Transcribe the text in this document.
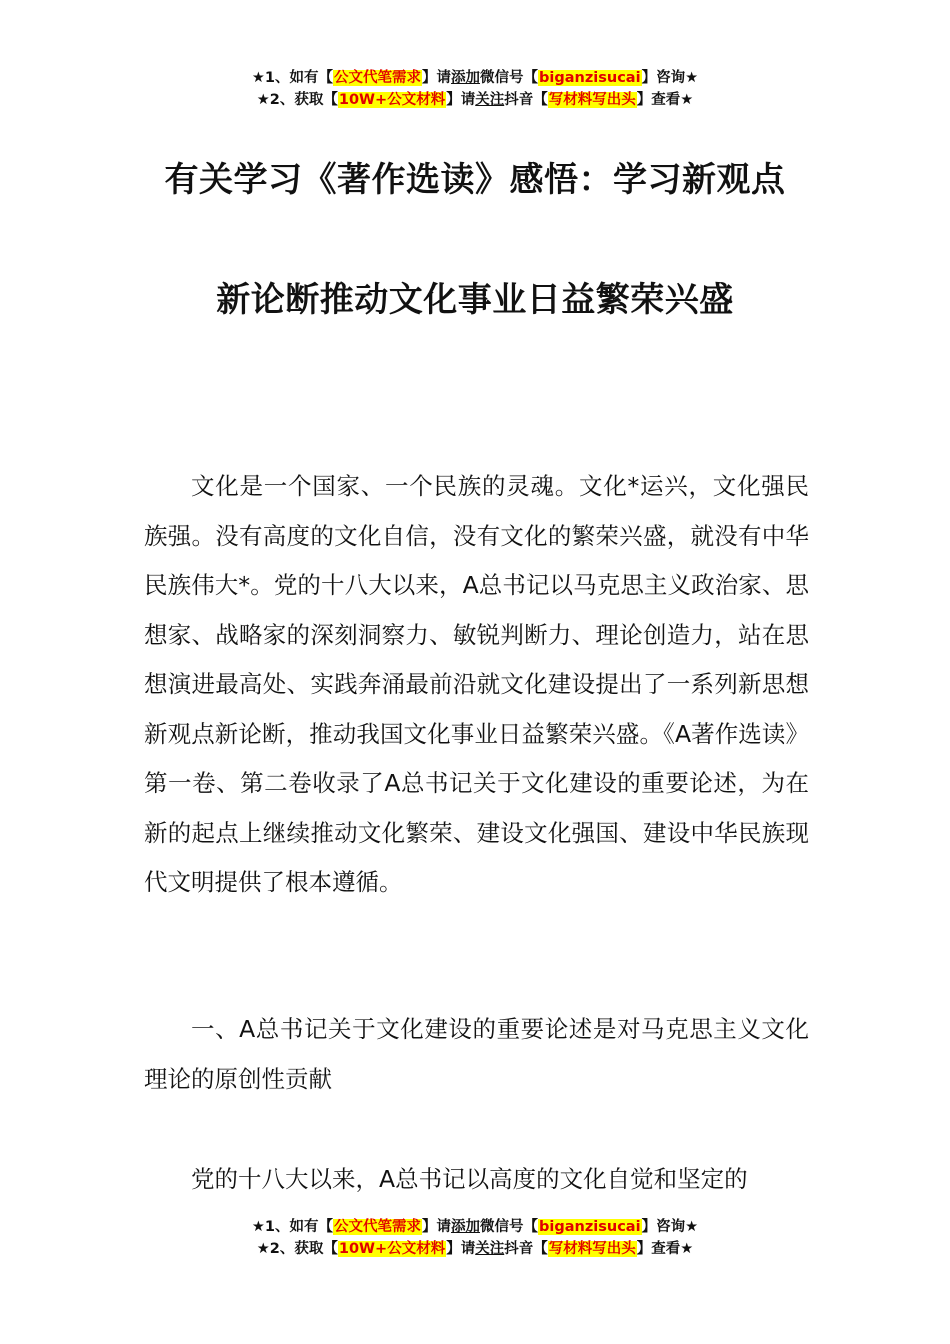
★1、如有【公文代笔需求】请添加微信号【biganzisucai】咨询★
★2、获取【10W+公文材料】请关注抖音【写材料写出头】查看★
有关学习《著作选读》感悟：学习新观点
新论断推动文化事业日益繁荣兴盛

文化是一个国家、一个民族的灵魂。文化*运兴，文化强民族强。没有高度的文化自信，没有文化的繁荣兴盛，就没有中华民族伟大*。党的十八大以来，A总书记以马克思主义政治家、思想家、战略家的深刻洞察力、敏锐判断力、理论创造力，站在思想演进最高处、实践奔涌最前沿就文化建设提出了一系列新思想新观点新论断，推动我国文化事业日益繁荣兴盛。《A著作选读》第一卷、第二卷收录了A总书记关于文化建设的重要论述，为在新的起点上继续推动文化繁荣、建设文化强国、建设中华民族现代文明提供了根本遵循。

一、A总书记关于文化建设的重要论述是对马克思主义文化理论的原创性贡献

党的十八大以来，A总书记以高度的文化自觉和坚定的

★1、如有【公文代笔需求】请添加微信号【biganzisucai】咨询★
★2、获取【10W+公文材料】请关注抖音【写材料写出头】查看★
